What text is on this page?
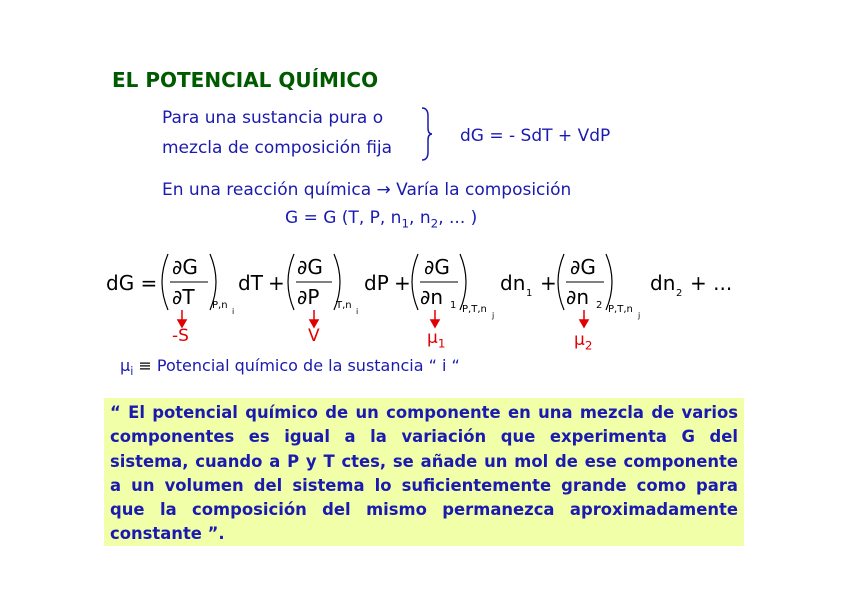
EL POTENCIAL QUÍMICO
Para una sustancia pura o
mezcla de composición fija
dG = - SdT + VdP
En una reacción química → Varía la composición
G = G (T, P, $n_1$, $n_2$, ... )
dG =
∂G
∂T P,n
i
dT +
∂G
∂P T,n
i
dP +
∂G
∂n 1 P,T,n
j
dn 1 +
∂G
∂n 2 P,T,n
j
dn 2 + ...
-S	V	$\mu_1$	$\mu_2$
$\mu_i$ ≡ Potencial químico de la sustancia “ i “
“ El potencial químico de un componente en una mezcla de varios componentes es igual a la variación que experimenta G del sistema, cuando a P y T ctes, se añade un mol de ese componente a un volumen del sistema lo suficientemente grande como para que la composición del mismo permanezca aproximadamente constante ”.
